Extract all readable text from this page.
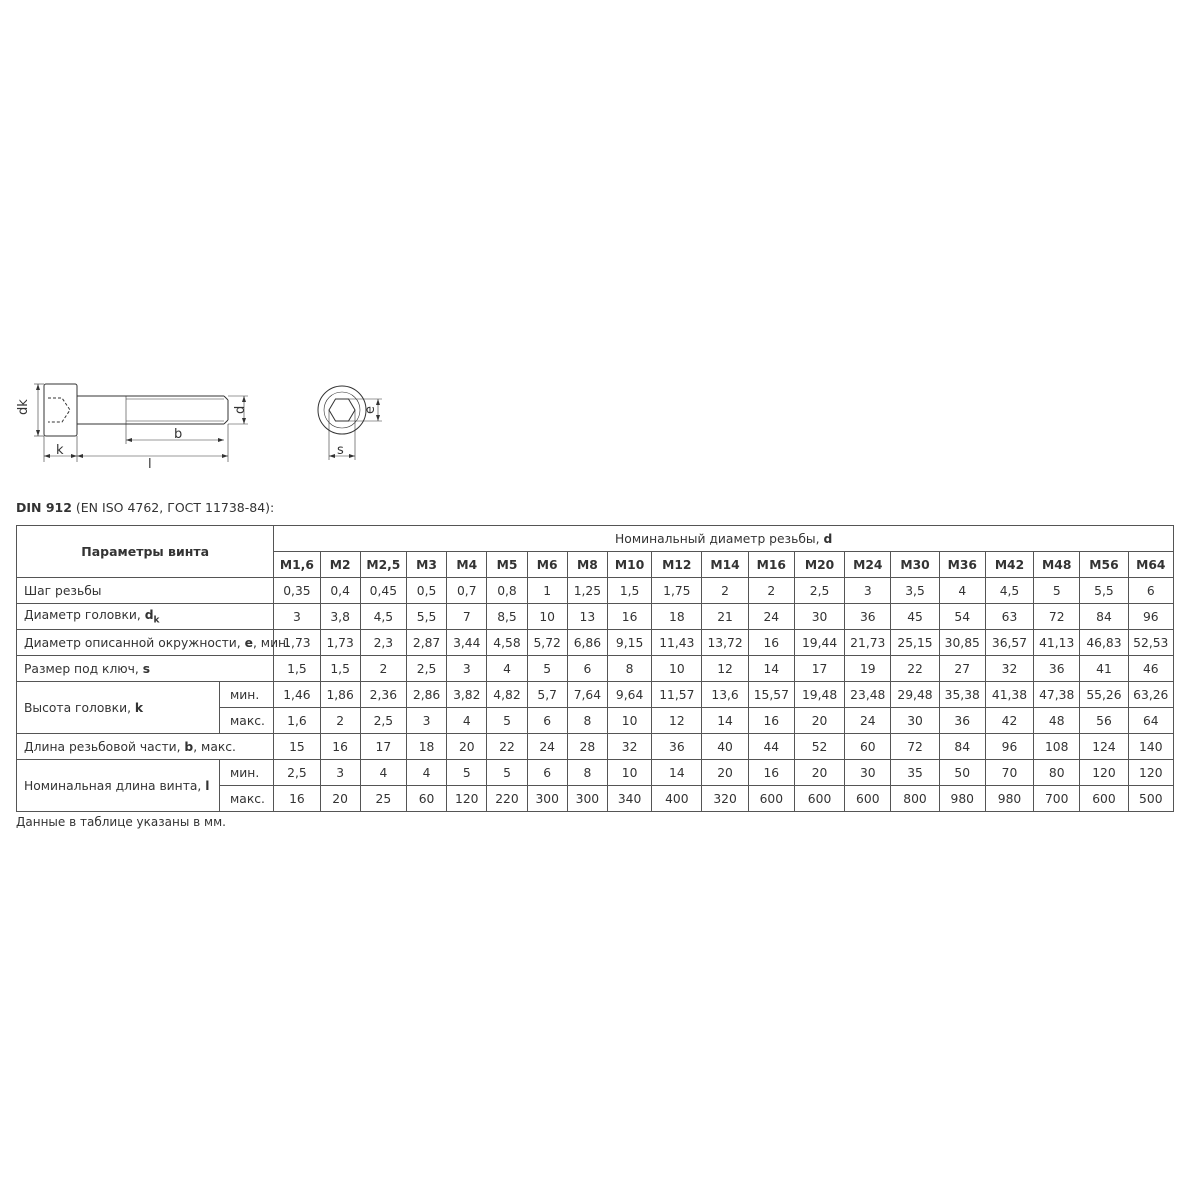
dk	d
k
l
b
e
s
DIN 912 (EN ISO 4762, ГОСТ 11738-84):
Параметры винта		Номинальный диаметр резьбы, d																			
		M1,6	M2	M2,5	M3	M4	M5	M6	M8	M10	M12	M14	M16	M20	M24	M30	M36	M42	M48	M56	M64
Шаг резьбы		0,35	0,4	0,45	0,5	0,7	0,8	1	1,25	1,5	1,75	2	2	2,5	3	3,5	4	4,5	5	5,5	6
Диаметр головки, $d_k$		3	3,8	4,5	5,5	7	8,5	10	13	16	18	21	24	30	36	45	54	63	72	84	96
Диаметр описанной окружности, e, мин.		1,73	1,73	2,3	2,87	3,44	4,58	5,72	6,86	9,15	11,43	13,72	16	19,44	21,73	25,15	30,85	36,57	41,13	46,83	52,53
Размер под ключ, s		1,5	1,5	2	2,5	3	4	5	6	8	10	12	14	17	19	22	27	32	36	41	46
Высота головки, k	мин.	1,46	1,86	2,36	2,86	3,82	4,82	5,7	7,64	9,64	11,57	13,6	15,57	19,48	23,48	29,48	35,38	41,38	47,38	55,26	63,26
	макс.	1,6	2	2,5	3	4	5	6	8	10	12	14	16	20	24	30	36	42	48	56	64
Длина резьбовой части, b, макс.		15	16	17	18	20	22	24	28	32	36	40	44	52	60	72	84	96	108	124	140
Номинальная длина винта, l	мин.	2,5	3	4	4	5	5	6	8	10	14	20	16	20	30	35	50	70	80	120	120
	макс.	16	20	25	60	120	220	300	300	340	400	320	600	600	600	800	980	980	700	600	500
Данные в таблице указаны в мм.
